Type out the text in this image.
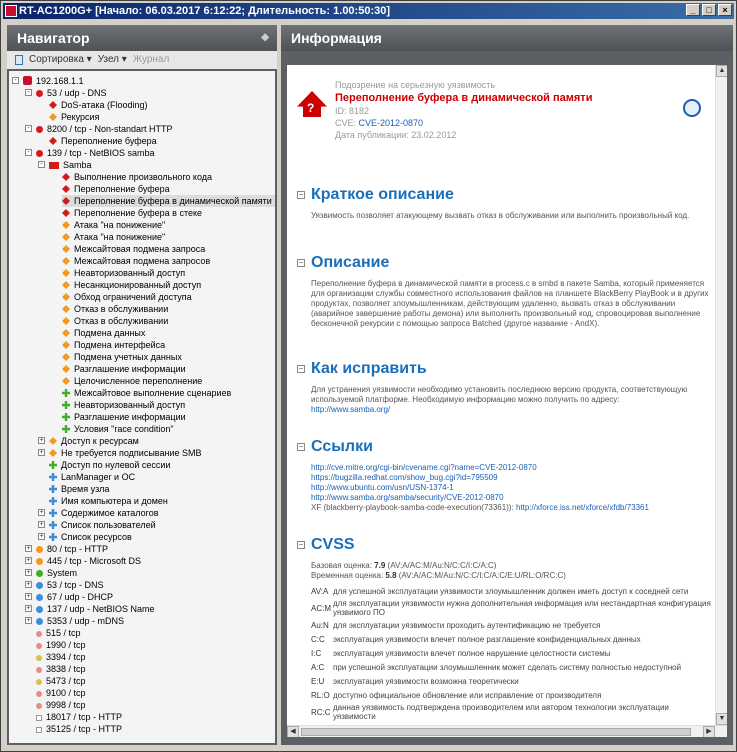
RT-AC1200G+ [Начало: 06.03.2017 6:12:22; Длительность: 1.00:50:30]	_	□	×
Навигатор	◆
Сортировка ▾ Узел ▾ Журнал
- 192.168.1.1
- 53 / udp - DNS
DoS-атака (Flooding)
Рекурсия
- 8200 / tcp - Non-standart HTTP
Переполнение буфера
- 139 / tcp - NetBIOS samba
- Samba
Выполнение произвольного кода
Переполнение буфера
Переполнение буфера в динамической памяти
Переполнение буфера в стеке
Атака "на понижение"
Атака "на понижение"
Межсайтовая подмена запроса
Межсайтовая подмена запросов
Неавторизованный доступ
Несанкционированный доступ
Обход ограничений доступа
Отказ в обслуживании
Отказ в обслуживании
Подмена данных
Подмена интерфейса
Подмена учетных данных
Разглашение информации
Целочисленное переполнение
Межсайтовое выполнение сценариев
Неавторизованный доступ
Разглашение информации
Условия "race condition"
+ Доступ к ресурсам
+ Не требуется подписывание SMB
Доступ по нулевой сессии
LanManager и ОС
Время узла
Имя компьютера и домен
+ Содержимое каталогов
+ Список пользователей
+ Список ресурсов
+ 80 / tcp - HTTP
+ 445 / tcp - Microsoft DS
+ System
+ 53 / tcp - DNS
+ 67 / udp - DHCP
+ 137 / udp - NetBIOS Name
+ 5353 / udp - mDNS
515 / tcp
1990 / tcp
3394 / tcp
3838 / tcp
5473 / tcp
9100 / tcp
9998 / tcp
18017 / tcp - HTTP
35125 / tcp - HTTP
Информация
?
Подозрение на серьезную уязвимость
Переполнение буфера в динамической памяти
ID: 8182
CVE: CVE-2012-0870
Дата публикации: 23.02.2012
− Краткое описание

Уязвимость позволяет атакующему вызвать отказ в обслуживании или выполнить произвольный код.

− Описание

Переполнение буфера в динамической памяти в process.c в smbd в пакете Samba, который применяется для организации службы совместного использования файлов на планшете BlackBerry PlayBook и в других продуктах, позволяет злоумышленникам, действующим удаленно, вызвать отказ в обслуживании (аварийное завершение работы демона) или выполнить произвольный код, спровоцировав выполнение бесконечной рекурсии с помощью запроса Batched (другое название - AndX).

− Как исправить

Для устранения уязвимости необходимо установить последнюю версию продукта, соответствующую используемой платформе. Необходимую информацию можно получить по адресу:
http://www.samba.org/

− Ссылки
http://cve.mitre.org/cgi-bin/cvename.cgi?name=CVE-2012-0870
https://bugzilla.redhat.com/show_bug.cgi?id=795509
http://www.ubuntu.com/usn/USN-1374-1
http://www.samba.org/samba/security/CVE-2012-0870
XF (blackberry-playbook-samba-code-execution(73361)): http://xforce.iss.net/xforce/xfdb/73361
− CVSS
Базовая оценка: 7.9 (AV:A/AC:M/Au:N/C:C/I:C/A:C)
Временная оценка: 5.8 (AV:A/AC:M/Au:N/C:C/I:C/A:C/E:U/RL:O/RC:C)
AV:A для успешной эксплуатации уязвимости злоумышленник должен иметь доступ к соседней сети
AC:M для эксплуатации уязвимости нужна дополнительная информация или нестандартная конфигурация уязвимого ПО
Au:N для эксплуатации уязвимости проходить аутентификацию не требуется
C:C	эксплуатация уязвимости влечет полное разглашение конфиденциальных данных
I:C	эксплуатация уязвимости влечет полное нарушение целостности системы
A:C	при успешной эксплуатации злоумышленник может сделать систему полностью недоступной
E:U	эксплуатация уязвимости возможна теоретически
RL:O доступно официальное обновление или исправление от производителя
RC:C данная уязвимость подтверждена производителем или автором технологии эксплуатации уязвимости
▲
▼
◀	▶
